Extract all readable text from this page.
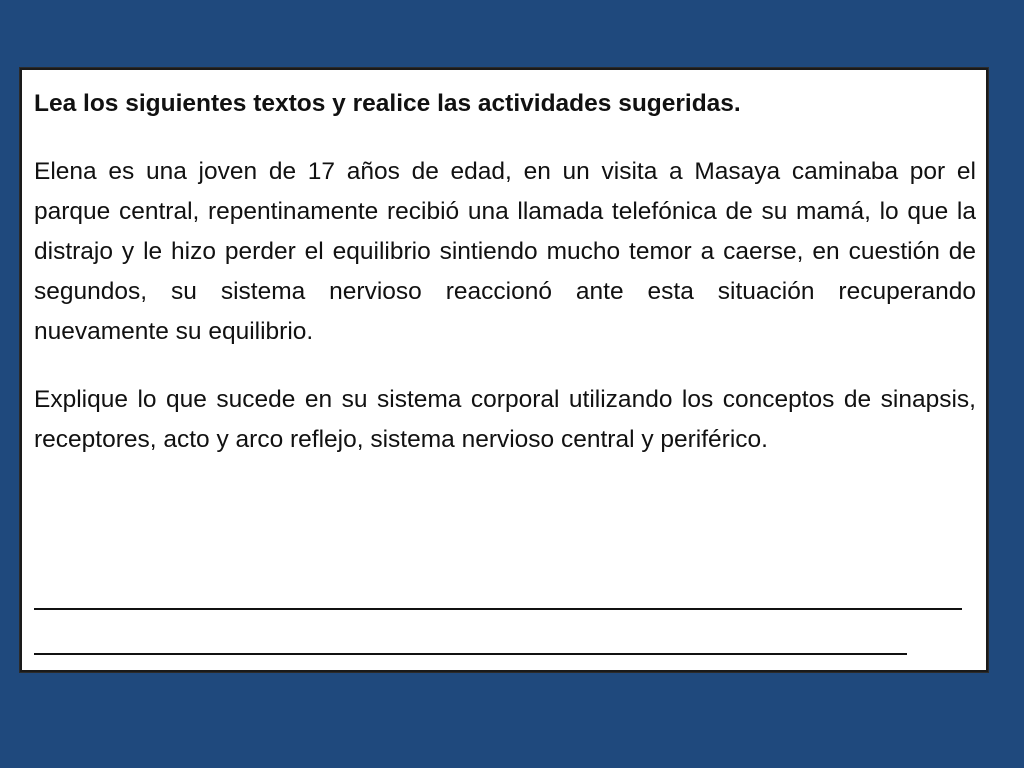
Lea los siguientes textos y realice las actividades sugeridas.

Elena es una joven de 17 años de edad, en un visita a Masaya caminaba por el parque central, repentinamente recibió una llamada telefónica de su mamá, lo que la distrajo y le hizo perder el equilibrio sintiendo mucho temor a caerse, en cuestión de segundos, su sistema nervioso reaccionó ante esta situación recuperando nuevamente su equilibrio.

Explique lo que sucede en su sistema corporal utilizando los conceptos de sinapsis, receptores, acto y arco reflejo, sistema nervioso central y periférico.
